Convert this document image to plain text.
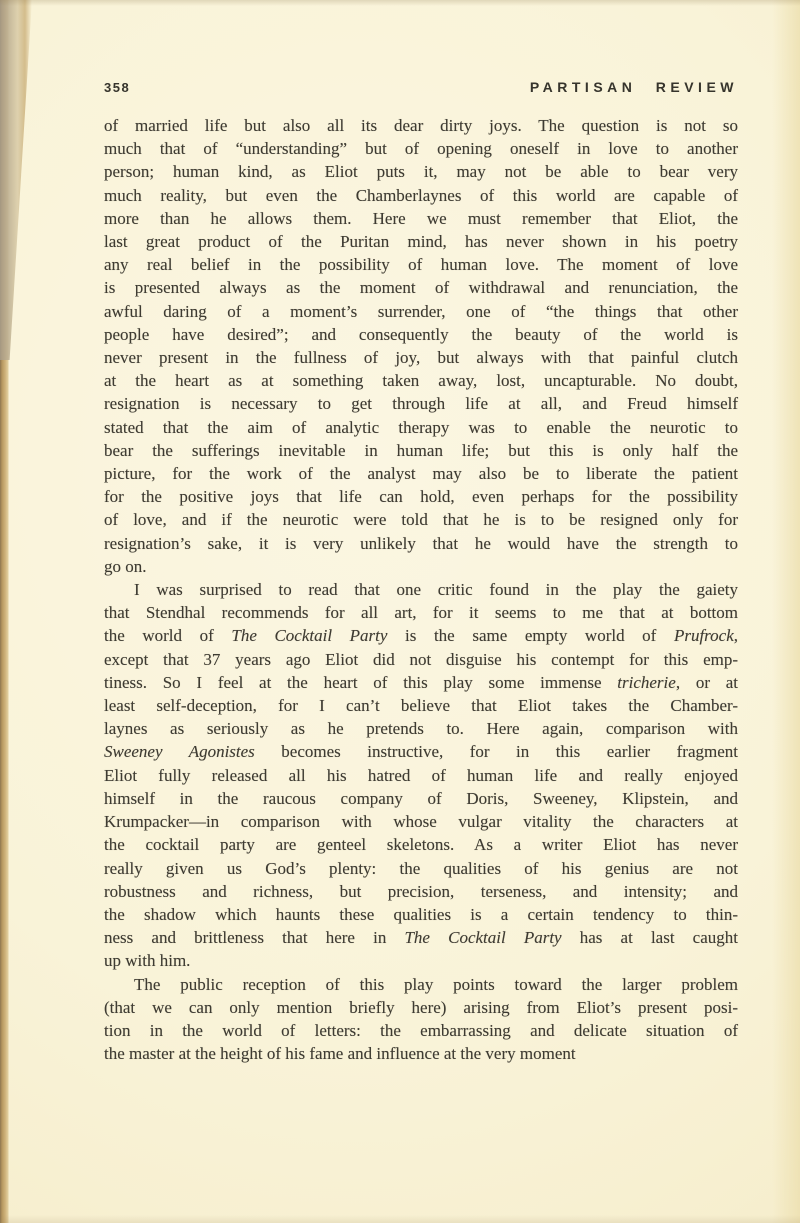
358	PARTISAN REVIEW
of married life but also all its dear dirty joys. The question is not so
much that of “understanding” but of opening oneself in love to another
person; human kind, as Eliot puts it, may not be able to bear very
much reality, but even the Chamberlaynes of this world are capable of
more than he allows them. Here we must remember that Eliot, the
last great product of the Puritan mind, has never shown in his poetry
any real belief in the possibility of human love. The moment of love
is presented always as the moment of withdrawal and renunciation, the
awful daring of a moment’s surrender, one of “the things that other
people have desired”; and consequently the beauty of the world is
never present in the fullness of joy, but always with that painful clutch
at the heart as at something taken away, lost, uncapturable. No doubt,
resignation is necessary to get through life at all, and Freud himself
stated that the aim of analytic therapy was to enable the neurotic to
bear the sufferings inevitable in human life; but this is only half the
picture, for the work of the analyst may also be to liberate the patient
for the positive joys that life can hold, even perhaps for the possibility
of love, and if the neurotic were told that he is to be resigned only for
resignation’s sake, it is very unlikely that he would have the strength to
go on.
I was surprised to read that one critic found in the play the gaiety
that Stendhal recommends for all art, for it seems to me that at bottom
the world of The Cocktail Party is the same empty world of Prufrock,
except that 37 years ago Eliot did not disguise his contempt for this emp-
tiness. So I feel at the heart of this play some immense tricherie, or at
least self-deception, for I can’t believe that Eliot takes the Chamber-
laynes as seriously as he pretends to. Here again, comparison with
Sweeney Agonistes becomes instructive, for in this earlier fragment
Eliot fully released all his hatred of human life and really enjoyed
himself in the raucous company of Doris, Sweeney, Klipstein, and
Krumpacker—in comparison with whose vulgar vitality the characters at
the cocktail party are genteel skeletons. As a writer Eliot has never
really given us God’s plenty: the qualities of his genius are not
robustness and richness, but precision, terseness, and intensity; and
the shadow which haunts these qualities is a certain tendency to thin-
ness and brittleness that here in The Cocktail Party has at last caught
up with him.
The public reception of this play points toward the larger problem
(that we can only mention briefly here) arising from Eliot’s present posi-
tion in the world of letters: the embarrassing and delicate situation of
the master at the height of his fame and influence at the very moment
